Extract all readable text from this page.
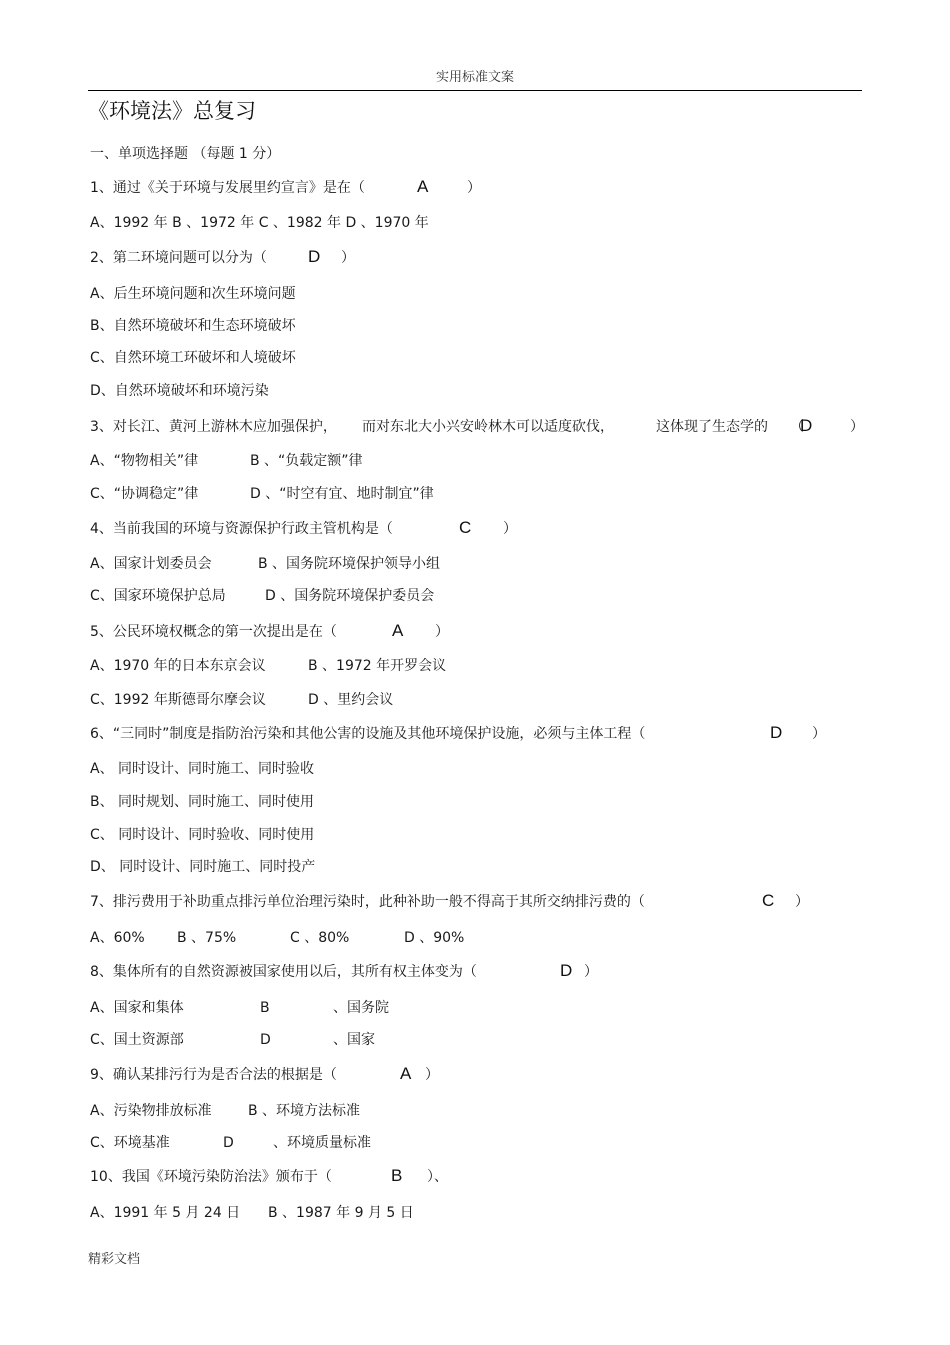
实用标准文案
《环境法》总复习
一、单项选择题 （每题 1 分）
1、通过《关于环境与发展里约宣言》是在（	A	）
A、1992 年 B 、1972 年 C 、1982 年 D 、1970 年
2、第二环境问题可以分为（ D ）
A、后生环境问题和次生环境问题
B、自然环境破坏和生态环境破坏
C、自然环境工环破坏和人境破坏
D、自然环境破坏和环境污染
3、对长江、黄河上游林木应加强保护， 而对东北大小兴安岭林木可以适度砍伐，	这体现了生态学的 （
D	）
A、“物物相关”律	B 、“负载定额”律
C、“协调稳定”律	D 、“时空有宜、地时制宜”律
4、当前我国的环境与资源保护行政主管机构是（	C ）
A、国家计划委员会	B 、国务院环境保护领导小组
C、国家环境保护总局	D 、国务院环境保护委员会
5、公民环境权概念的第一次提出是在（	A ）
A、1970 年的日本东京会议	B 、1972 年开罗会议
C、1992 年斯德哥尔摩会议	D 、里约会议
6、“三同时”制度是指防治污染和其他公害的设施及其他环境保护设施，必须与主体工程（	D ）
A、 同时设计、同时施工、同时验收
B、 同时规划、同时施工、同时使用
C、 同时设计、同时验收、同时使用
D、 同时设计、同时施工、同时投产
7、排污费用于补助重点排污单位治理污染时，此种补助一般不得高于其所交纳排污费的（	C ）
A、60% B 、75%	C 、80%	D 、90%
8、集体所有的自然资源被国家使用以后，其所有权主体变为（	D ）
A、国家和集体	B	、国务院
C、国土资源部	D	、国家
9、确认某排污行为是否合法的根据是（	A ）
A、污染物排放标准	B 、环境方法标准
C、环境基准	D	、环境质量标准
10、我国《环境污染防治法》颁布于（	B ）、
A、1991 年 5 月 24 日 B 、1987 年 9 月 5 日
精彩文档
